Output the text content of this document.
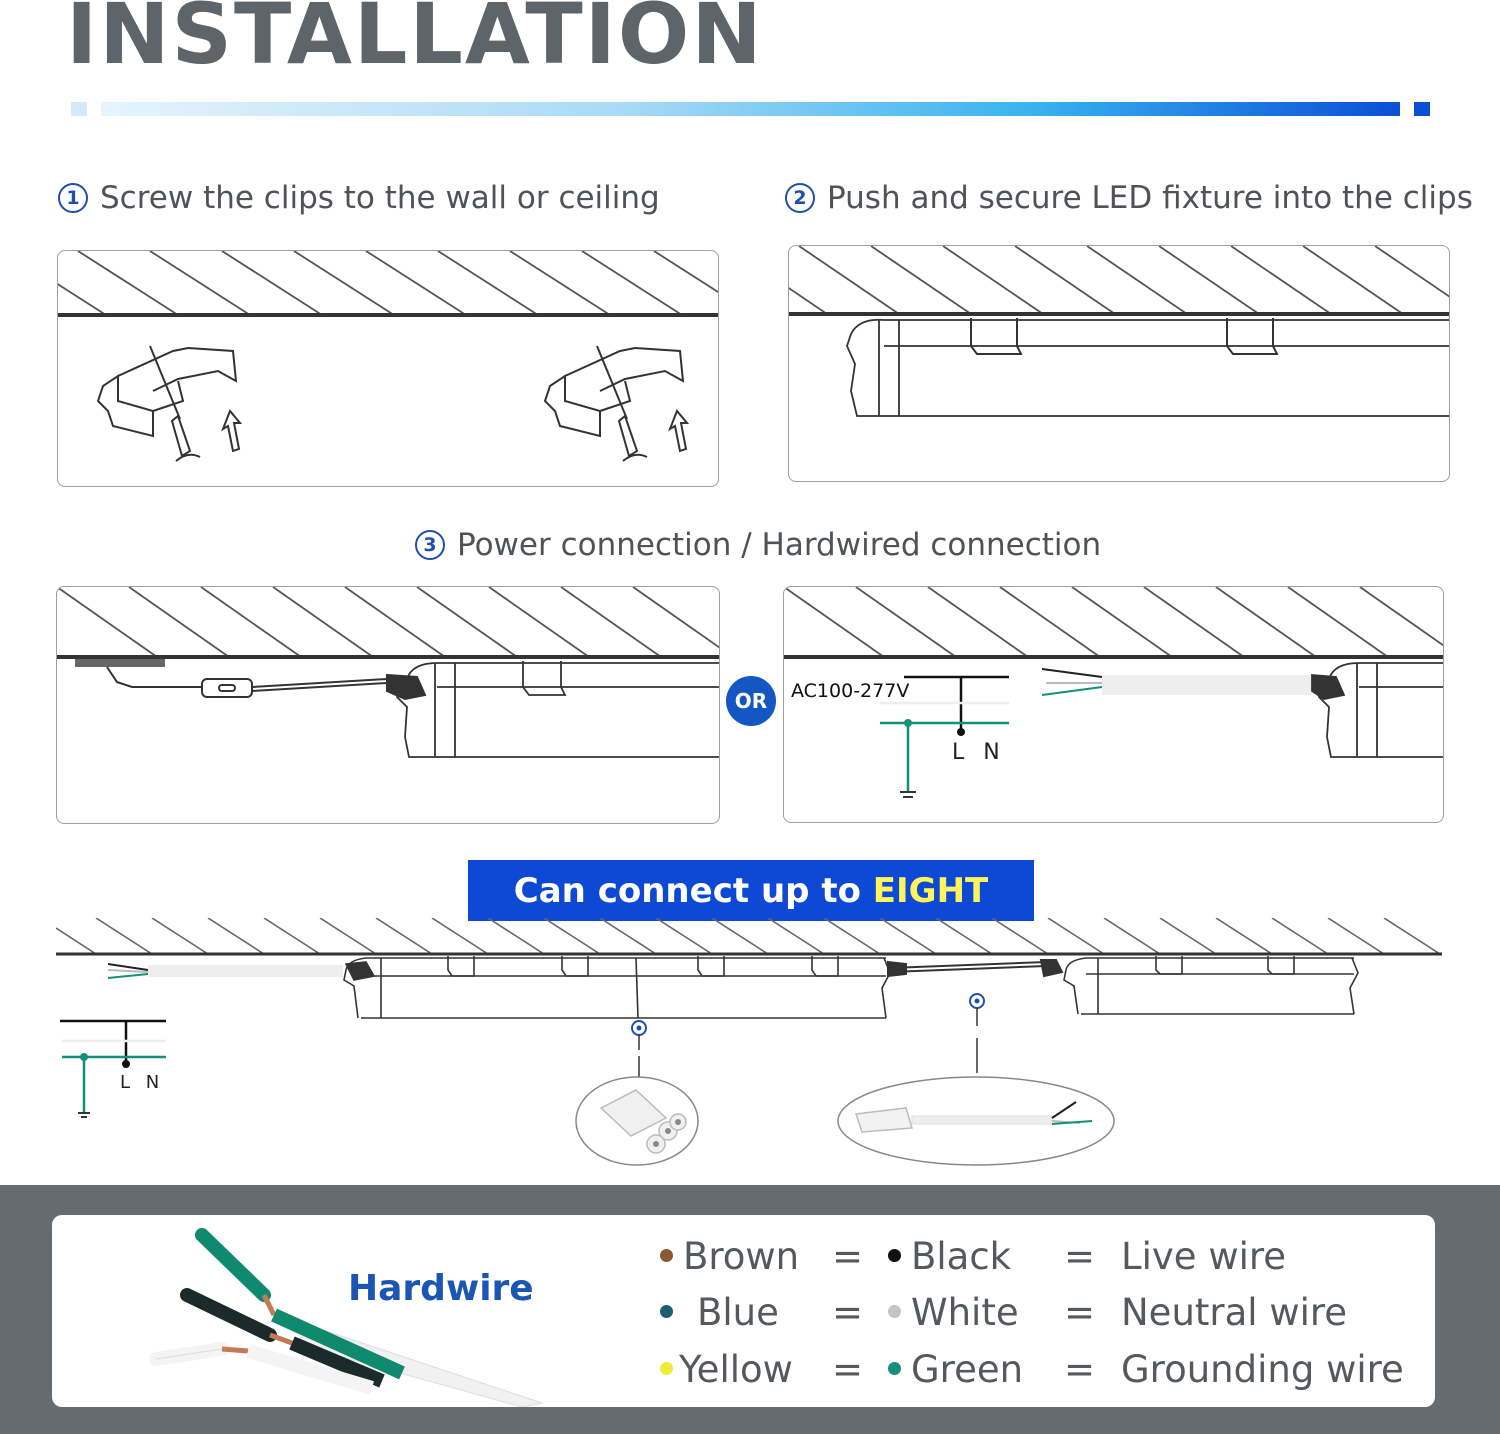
INSTALLATION
1 Screw the clips to the wall or ceiling	2 Push and secure LED fixture into the clips
3 Power connection / Hardwired connection
OR	AC100-277V
L N
Can connect up to EIGHT
L N
Hardwire
Brown =	Black = Live wire
Blue =	White = Neutral wire
Yellow =	Green = Grounding wire
